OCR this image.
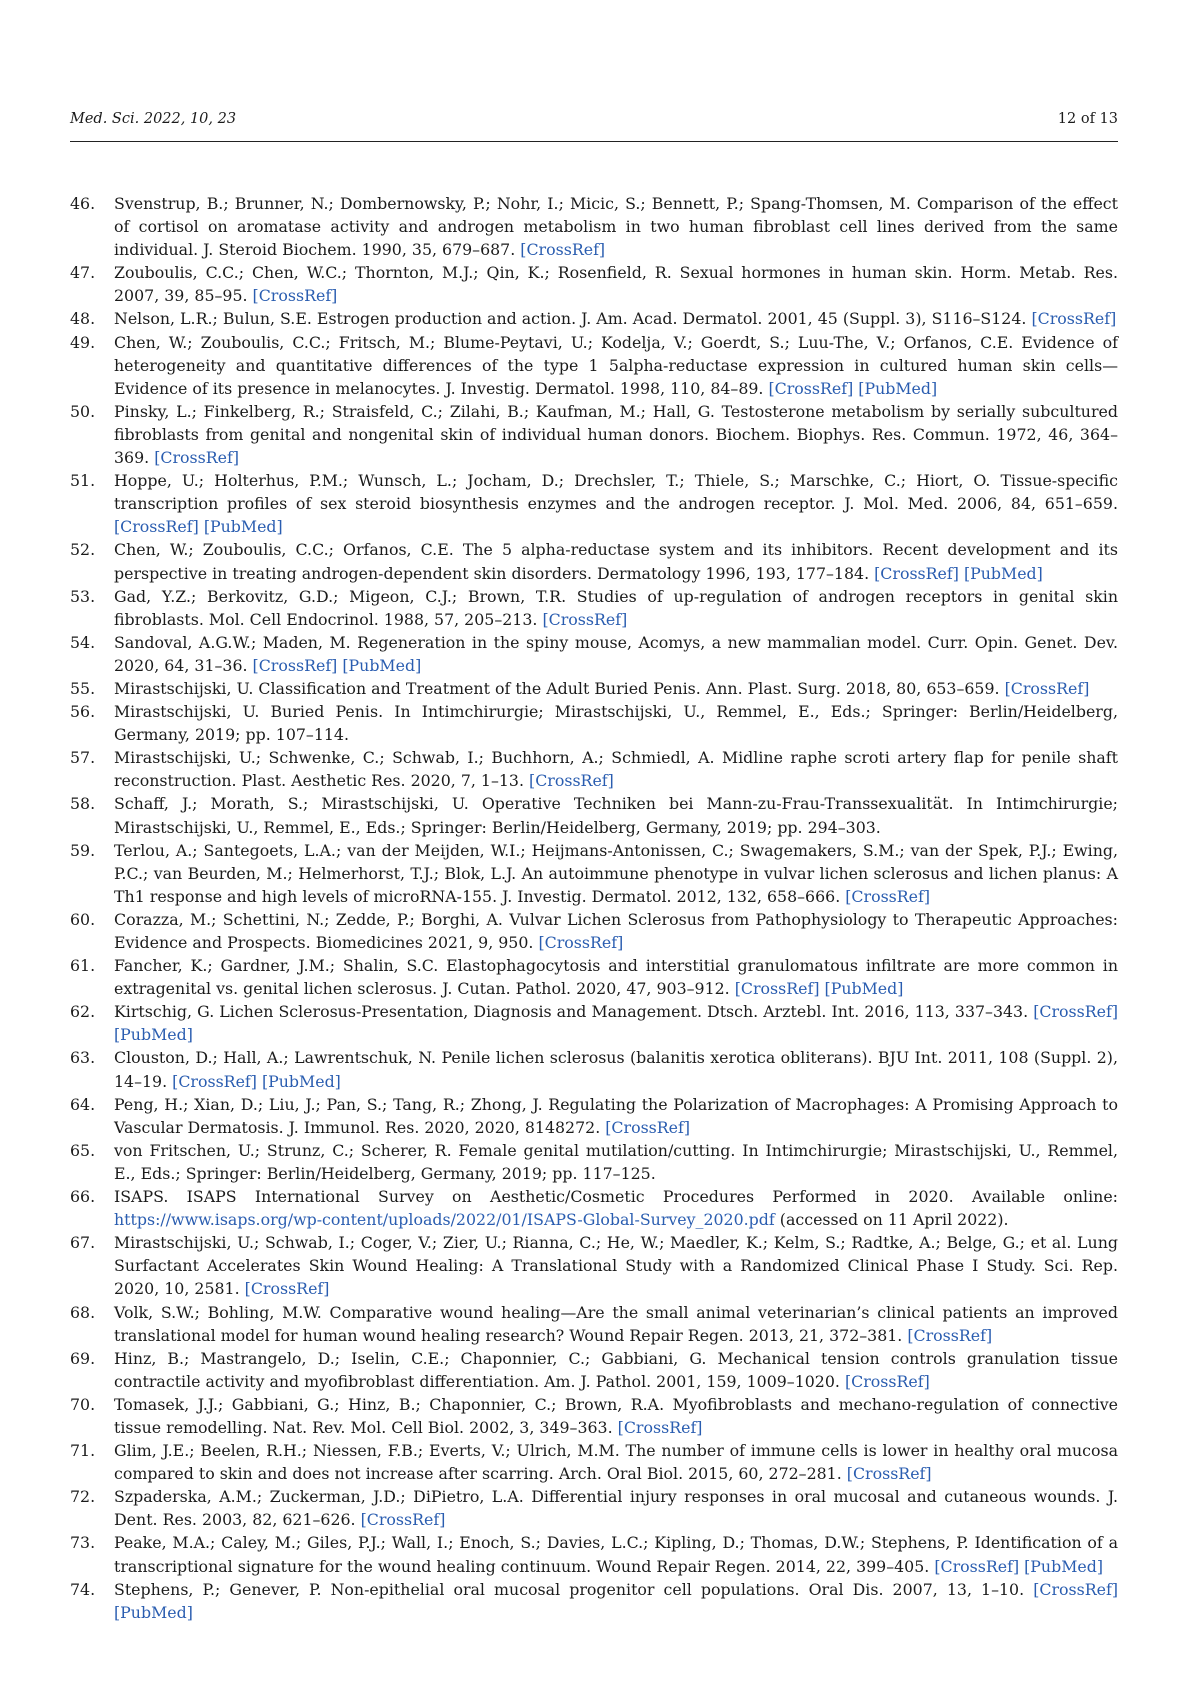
Med. Sci. 2022, 10, 23	12 of 13
46.	Svenstrup, B.; Brunner, N.; Dombernowsky, P.; Nohr, I.; Micic, S.; Bennett, P.; Spang-Thomsen, M. Comparison of the effect of cortisol on aromatase activity and androgen metabolism in two human fibroblast cell lines derived from the same individual. J. Steroid Biochem. 1990, 35, 679–687. [CrossRef]
47.	Zouboulis, C.C.; Chen, W.C.; Thornton, M.J.; Qin, K.; Rosenfield, R. Sexual hormones in human skin. Horm. Metab. Res. 2007, 39, 85–95. [CrossRef]
48.	Nelson, L.R.; Bulun, S.E. Estrogen production and action. J. Am. Acad. Dermatol. 2001, 45 (Suppl. 3), S116–S124. [CrossRef]
49.	Chen, W.; Zouboulis, C.C.; Fritsch, M.; Blume-Peytavi, U.; Kodelja, V.; Goerdt, S.; Luu-The, V.; Orfanos, C.E. Evidence of heterogeneity and quantitative differences of the type 1 5alpha-reductase expression in cultured human skin cells—Evidence of its presence in melanocytes. J. Investig. Dermatol. 1998, 110, 84–89. [CrossRef] [PubMed]
50.	Pinsky, L.; Finkelberg, R.; Straisfeld, C.; Zilahi, B.; Kaufman, M.; Hall, G. Testosterone metabolism by serially subcultured fibroblasts from genital and nongenital skin of individual human donors. Biochem. Biophys. Res. Commun. 1972, 46, 364–369. [CrossRef]
51.	Hoppe, U.; Holterhus, P.M.; Wunsch, L.; Jocham, D.; Drechsler, T.; Thiele, S.; Marschke, C.; Hiort, O. Tissue-specific transcription profiles of sex steroid biosynthesis enzymes and the androgen receptor. J. Mol. Med. 2006, 84, 651–659. [CrossRef] [PubMed]
52.	Chen, W.; Zouboulis, C.C.; Orfanos, C.E. The 5 alpha-reductase system and its inhibitors. Recent development and its perspective in treating androgen-dependent skin disorders. Dermatology 1996, 193, 177–184. [CrossRef] [PubMed]
53.	Gad, Y.Z.; Berkovitz, G.D.; Migeon, C.J.; Brown, T.R. Studies of up-regulation of androgen receptors in genital skin fibroblasts. Mol. Cell Endocrinol. 1988, 57, 205–213. [CrossRef]
54.	Sandoval, A.G.W.; Maden, M. Regeneration in the spiny mouse, Acomys, a new mammalian model. Curr. Opin. Genet. Dev. 2020, 64, 31–36. [CrossRef] [PubMed]
55.	Mirastschijski, U. Classification and Treatment of the Adult Buried Penis. Ann. Plast. Surg. 2018, 80, 653–659. [CrossRef]
56.	Mirastschijski, U. Buried Penis. In Intimchirurgie; Mirastschijski, U., Remmel, E., Eds.; Springer: Berlin/Heidelberg, Germany, 2019; pp. 107–114.
57.	Mirastschijski, U.; Schwenke, C.; Schwab, I.; Buchhorn, A.; Schmiedl, A. Midline raphe scroti artery flap for penile shaft reconstruction. Plast. Aesthetic Res. 2020, 7, 1–13. [CrossRef]
58.	Schaff, J.; Morath, S.; Mirastschijski, U. Operative Techniken bei Mann-zu-Frau-Transsexualität. In Intimchirurgie; Mirastschijski, U., Remmel, E., Eds.; Springer: Berlin/Heidelberg, Germany, 2019; pp. 294–303.
59.	Terlou, A.; Santegoets, L.A.; van der Meijden, W.I.; Heijmans-Antonissen, C.; Swagemakers, S.M.; van der Spek, P.J.; Ewing, P.C.; van Beurden, M.; Helmerhorst, T.J.; Blok, L.J. An autoimmune phenotype in vulvar lichen sclerosus and lichen planus: A Th1 response and high levels of microRNA-155. J. Investig. Dermatol. 2012, 132, 658–666. [CrossRef]
60.	Corazza, M.; Schettini, N.; Zedde, P.; Borghi, A. Vulvar Lichen Sclerosus from Pathophysiology to Therapeutic Approaches: Evidence and Prospects. Biomedicines 2021, 9, 950. [CrossRef]
61.	Fancher, K.; Gardner, J.M.; Shalin, S.C. Elastophagocytosis and interstitial granulomatous infiltrate are more common in extragenital vs. genital lichen sclerosus. J. Cutan. Pathol. 2020, 47, 903–912. [CrossRef] [PubMed]
62.	Kirtschig, G. Lichen Sclerosus-Presentation, Diagnosis and Management. Dtsch. Arztebl. Int. 2016, 113, 337–343. [CrossRef] [PubMed]
63.	Clouston, D.; Hall, A.; Lawrentschuk, N. Penile lichen sclerosus (balanitis xerotica obliterans). BJU Int. 2011, 108 (Suppl. 2), 14–19. [CrossRef] [PubMed]
64.	Peng, H.; Xian, D.; Liu, J.; Pan, S.; Tang, R.; Zhong, J. Regulating the Polarization of Macrophages: A Promising Approach to Vascular Dermatosis. J. Immunol. Res. 2020, 2020, 8148272. [CrossRef]
65.	von Fritschen, U.; Strunz, C.; Scherer, R. Female genital mutilation/cutting. In Intimchirurgie; Mirastschijski, U., Remmel, E., Eds.; Springer: Berlin/Heidelberg, Germany, 2019; pp. 117–125.
66.	ISAPS. ISAPS International Survey on Aesthetic/Cosmetic Procedures Performed in 2020. Available online: https://www.isaps.org/wp-content/uploads/2022/01/ISAPS-Global-Survey_2020.pdf (accessed on 11 April 2022).
67.	Mirastschijski, U.; Schwab, I.; Coger, V.; Zier, U.; Rianna, C.; He, W.; Maedler, K.; Kelm, S.; Radtke, A.; Belge, G.; et al. Lung Surfactant Accelerates Skin Wound Healing: A Translational Study with a Randomized Clinical Phase I Study. Sci. Rep. 2020, 10, 2581. [CrossRef]
68.	Volk, S.W.; Bohling, M.W. Comparative wound healing—Are the small animal veterinarian’s clinical patients an improved translational model for human wound healing research? Wound Repair Regen. 2013, 21, 372–381. [CrossRef]
69.	Hinz, B.; Mastrangelo, D.; Iselin, C.E.; Chaponnier, C.; Gabbiani, G. Mechanical tension controls granulation tissue contractile activity and myofibroblast differentiation. Am. J. Pathol. 2001, 159, 1009–1020. [CrossRef]
70.	Tomasek, J.J.; Gabbiani, G.; Hinz, B.; Chaponnier, C.; Brown, R.A. Myofibroblasts and mechano-regulation of connective tissue remodelling. Nat. Rev. Mol. Cell Biol. 2002, 3, 349–363. [CrossRef]
71.	Glim, J.E.; Beelen, R.H.; Niessen, F.B.; Everts, V.; Ulrich, M.M. The number of immune cells is lower in healthy oral mucosa compared to skin and does not increase after scarring. Arch. Oral Biol. 2015, 60, 272–281. [CrossRef]
72.	Szpaderska, A.M.; Zuckerman, J.D.; DiPietro, L.A. Differential injury responses in oral mucosal and cutaneous wounds. J. Dent. Res. 2003, 82, 621–626. [CrossRef]
73.	Peake, M.A.; Caley, M.; Giles, P.J.; Wall, I.; Enoch, S.; Davies, L.C.; Kipling, D.; Thomas, D.W.; Stephens, P. Identification of a transcriptional signature for the wound healing continuum. Wound Repair Regen. 2014, 22, 399–405. [CrossRef] [PubMed]
74.	Stephens, P.; Genever, P. Non-epithelial oral mucosal progenitor cell populations. Oral Dis. 2007, 13, 1–10. [CrossRef] [PubMed]
